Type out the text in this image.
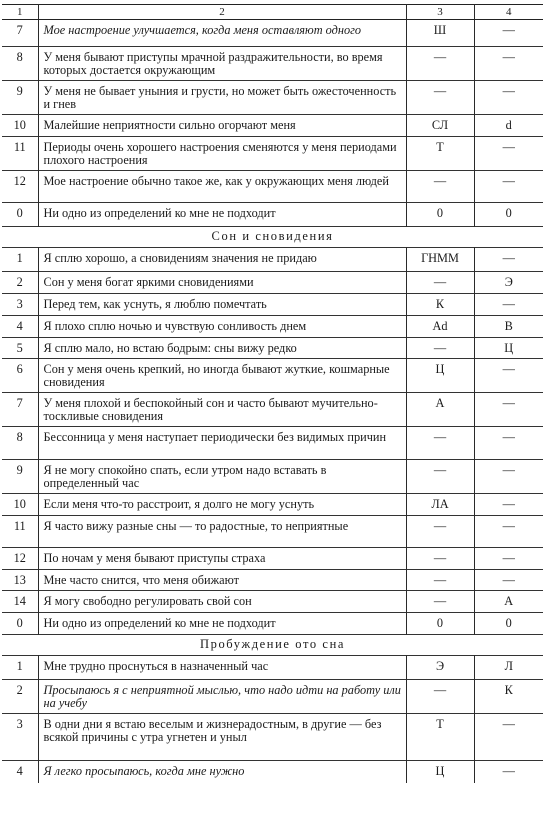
1	2	3	4
7	Мое настроение улучшается, когда меня оставляют одного	Ш	—
8	У меня бывают приступы мрачной раздражительности, во время которых достается окружающим	—	—
9	У меня не бывает уныния и грусти, но может быть ожесточенность и гнев	—	—
10	Малейшие неприятности сильно огорчают меня	СЛ	d
11	Периоды очень хорошего настроения сменяются у меня периодами плохого настроения	Т	—
12	Мое настроение обычно такое же, как у окружающих меня людей	—	—
0	Ни одно из определений ко мне не подходит	0	0
Сон и сновидения			
1	Я сплю хорошо, а сновидениям значения не придаю	ГНММ	—
2	Сон у меня богат яркими сновидениями	—	Э
3	Перед тем, как уснуть, я люблю помечтать	К	—
4	Я плохо сплю ночью и чувствую сонливость днем	Ad	В
5	Я сплю мало, но встаю бодрым: сны вижу редко	—	Ц
6	Сон у меня очень крепкий, но иногда бывают жуткие, кошмарные сновидения	Ц	—
7	У меня плохой и беспокойный сон и часто бывают мучительно-тоскливые сновидения	А	—
8	Бессонница у меня наступает периодически без видимых причин	—	—
9	Я не могу спокойно спать, если утром надо вставать в определенный час	—	—
10	Если меня что-то расстроит, я долго не могу уснуть	ЛА	—
11	Я часто вижу разные сны — то радостные, то неприятные	—	—
12	По ночам у меня бывают приступы страха	—	—
13	Мне часто снится, что меня обижают	—	—
14	Я могу свободно регулировать свой сон	—	А
0	Ни одно из определений ко мне не подходит	0	0
Пробуждение ото сна			
1	Мне трудно проснуться в назначенный час	Э	Л
2	Просыпаюсь я с неприятной мыслью, что надо идти на работу или на учебу	—	К
3	В одни дни я встаю веселым и жизнерадостным, в другие — без всякой причины с утра угнетен и уныл	Т	—
4	Я легко просыпаюсь, когда мне нужно	Ц	—
